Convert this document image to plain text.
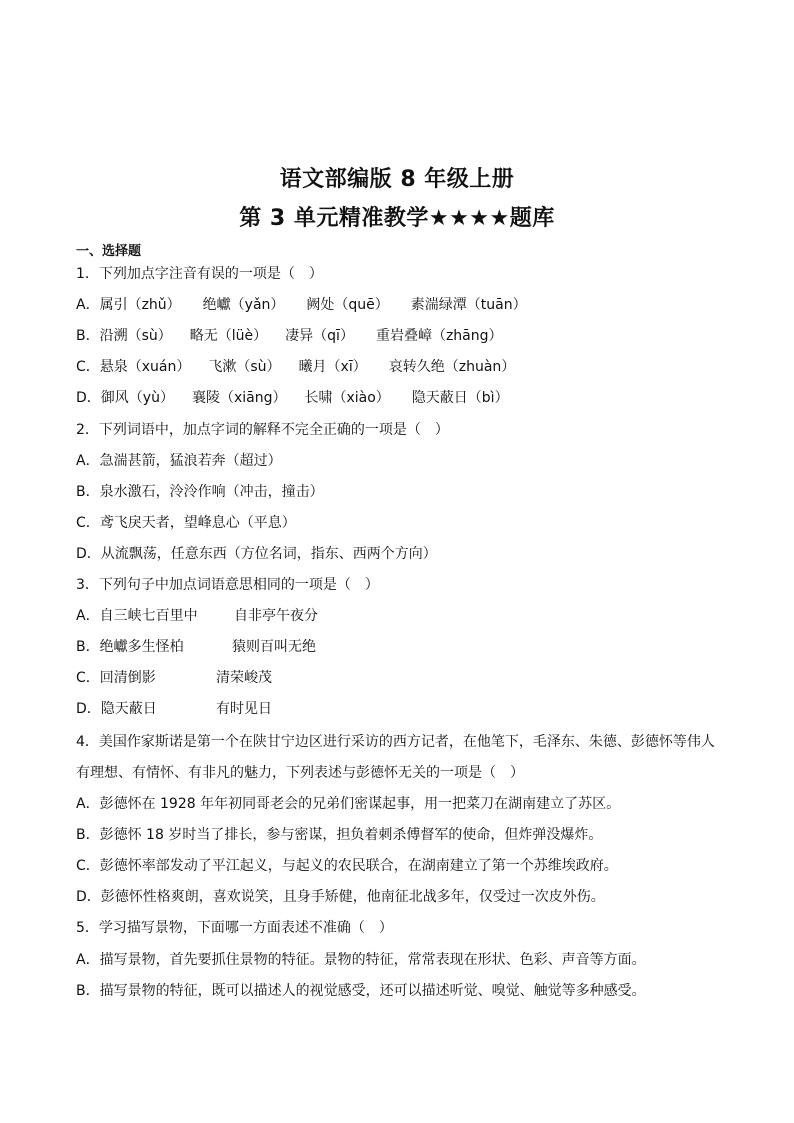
语文部编版 8 年级上册
第 3 单元精准教学★★★★题库
一、选择题
1．下列加点字注音有误的一项是（　）
A．属引（zhǔ） 绝巘（yǎn） 阙处（quē） 素湍绿潭（tuān）
B．沿溯（sù） 略无（lüè） 凄异（qī） 重岩叠嶂（zhāng）
C．悬泉（xuán） 飞漱（sù） 曦月（xī） 哀转久绝（zhuàn）
D．御风（yù） 襄陵（xiāng） 长啸（xiào） 隐天蔽日（bì）
2．下列词语中，加点字词的解释不完全正确的一项是（　）
A．急湍甚箭，猛浪若奔（超过）
B．泉水激石，泠泠作响（冲击，撞击）
C．鸢飞戾天者，望峰息心（平息）
D．从流飘荡，任意东西（方位名词，指东、西两个方向）
3．下列句子中加点词语意思相同的一项是（　）
A．自三峡七百里中	自非亭午夜分
B．绝巘多生怪柏	猿则百叫无绝
C．回清倒影	清荣峻茂
D．隐天蔽日	有时见日
4．美国作家斯诺是第一个在陕甘宁边区进行采访的西方记者，在他笔下，毛泽东、朱德、彭德怀等伟人
有理想、有情怀、有非凡的魅力，下列表述与彭德怀无关的一项是（　）
A．彭德怀在 1928 年年初同哥老会的兄弟们密谋起事，用一把菜刀在湖南建立了苏区。
B．彭德怀 18 岁时当了排长，参与密谋，担负着刺杀傅督军的使命，但炸弹没爆炸。
C．彭德怀率部发动了平江起义，与起义的农民联合，在湖南建立了第一个苏维埃政府。
D．彭德怀性格爽朗，喜欢说笑，且身手矫健，他南征北战多年，仅受过一次皮外伤。
5．学习描写景物，下面哪一方面表述不准确（　）
A．描写景物，首先要抓住景物的特征。景物的特征，常常表现在形状、色彩、声音等方面。
B．描写景物的特征，既可以描述人的视觉感受，还可以描述听觉、嗅觉、触觉等多种感受。
